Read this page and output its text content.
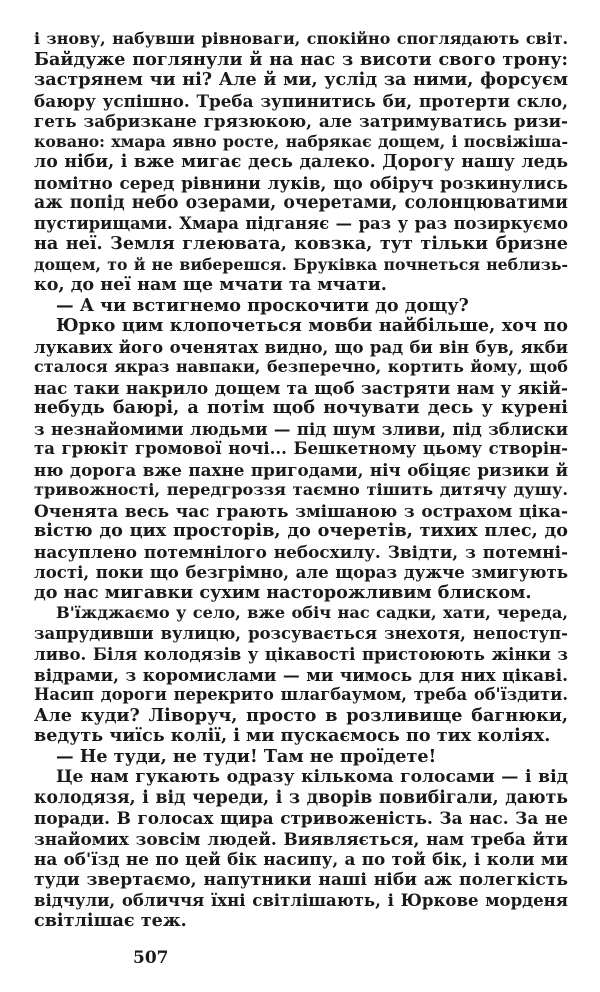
і знову, набувши рівноваги, спокійно споглядають світ.
Байдуже поглянули й на нас з висоти свого трону:
застрянем чи ні? Але й ми, услід за ними, форсуєм
баюру успішно. Треба зупинитись би, протерти скло,
геть забризкане грязюкою, але затримуватись ризи-
ковано: хмара явно росте, набрякає дощем, і посвіжіша-
ло ніби, і вже мигає десь далеко. Дорогу нашу ледь
помітно серед рівнини луків, що обіруч розкинулись
аж попід небо озерами, очеретами, солонцюватими
пустирищами. Хмара підганяє — раз у раз позиркуємо
на неї. Земля глеювата, ковзка, тут тільки бризне
дощем, то й не виберешся. Бруківка почнеться неблизь-
ко, до неї нам ще мчати та мчати.
— А чи встигнемо проскочити до дощу?
Юрко цим клопочеться мовби найбільше, хоч по
лукавих його оченятах видно, що рад би він був, якби
сталося якраз навпаки, безперечно, кортить йому, щоб
нас таки накрило дощем та щоб застряти нам у якій-
небудь баюрі, а потім щоб ночувати десь у курені
з незнайомими людьми — під шум зливи, під зблиски
та грюкіт громової ночі... Бешкетному цьому створін-
ню дорога вже пахне пригодами, ніч обіцяє ризики й
тривожності, передгроззя таємно тішить дитячу душу.
Оченята весь час грають змішаною з острахом ціка-
вістю до цих просторів, до очеретів, тихих плес, до
насуплено потемнілого небосхилу. Звідти, з потемні-
лості, поки що безгрімно, але щораз дужче змигують
до нас мигавки сухим насторожливим блиском.
В'їжджаємо у село, вже обіч нас садки, хати, череда,
запрудивши вулицю, розсувається знехотя, непоступ-
ливо. Біля колодязів у цікавості пристоюють жінки з
відрами, з коромислами — ми чимось для них цікаві.
Насип дороги перекрито шлагбаумом, треба об'їздити.
Але куди? Ліворуч, просто в розливище багнюки,
ведуть чиїсь колії, і ми пускаємось по тих коліях.
— Не туди, не туди! Там не проїдете!
Це нам гукають одразу кількома голосами — і від
колодязя, і від череди, і з дворів повибігали, дають
поради. В голосах щира стривоженість. За нас. За не
знайомих зовсім людей. Виявляється, нам треба йти
на об'їзд не по цей бік насипу, а по той бік, і коли ми
туди звертаємо, напутники наші ніби аж полегкість
відчули, обличчя їхні світлішають, і Юркове морденя
світлішає теж.
507
